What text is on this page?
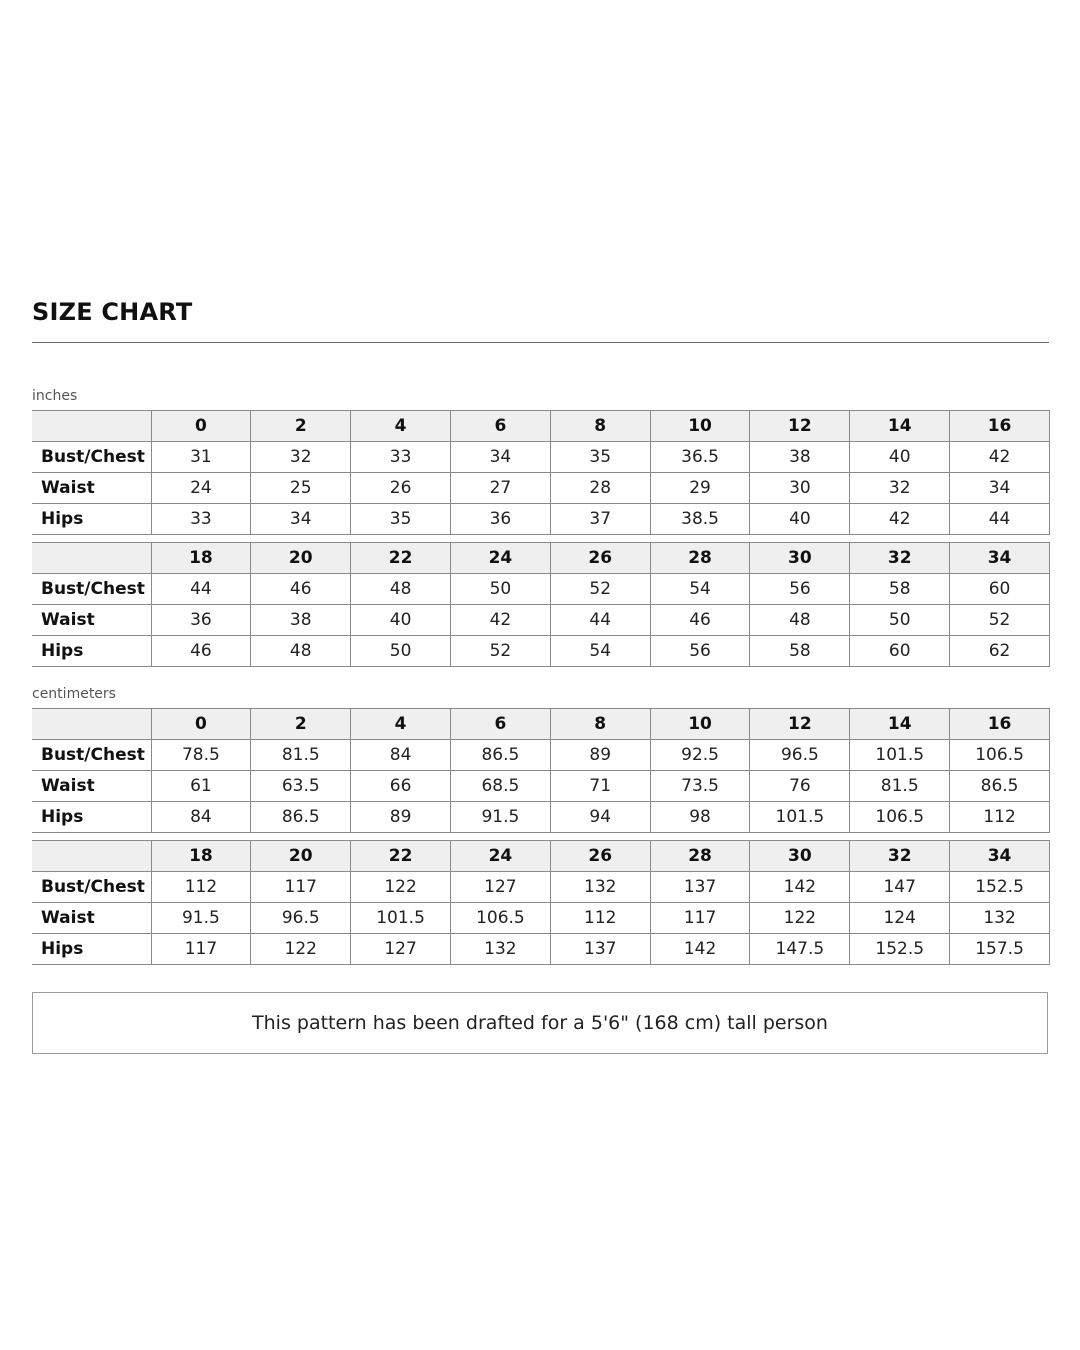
SIZE CHART
inches
	0	2	4	6	8	10	12	14	16
Bust/Chest	31	32	33	34	35	36.5	38	40	42
Waist	24	25	26	27	28	29	30	32	34
Hips	33	34	35	36	37	38.5	40	42	44
	18	20	22	24	26	28	30	32	34
Bust/Chest	44	46	48	50	52	54	56	58	60
Waist	36	38	40	42	44	46	48	50	52
Hips	46	48	50	52	54	56	58	60	62
centimeters
	0	2	4	6	8	10	12	14	16
Bust/Chest	78.5	81.5	84	86.5	89	92.5	96.5	101.5	106.5
Waist	61	63.5	66	68.5	71	73.5	76	81.5	86.5
Hips	84	86.5	89	91.5	94	98	101.5	106.5	112
	18	20	22	24	26	28	30	32	34
Bust/Chest	112	117	122	127	132	137	142	147	152.5
Waist	91.5	96.5	101.5	106.5	112	117	122	124	132
Hips	117	122	127	132	137	142	147.5	152.5	157.5
This pattern has been drafted for a 5'6" (168 cm) tall person
